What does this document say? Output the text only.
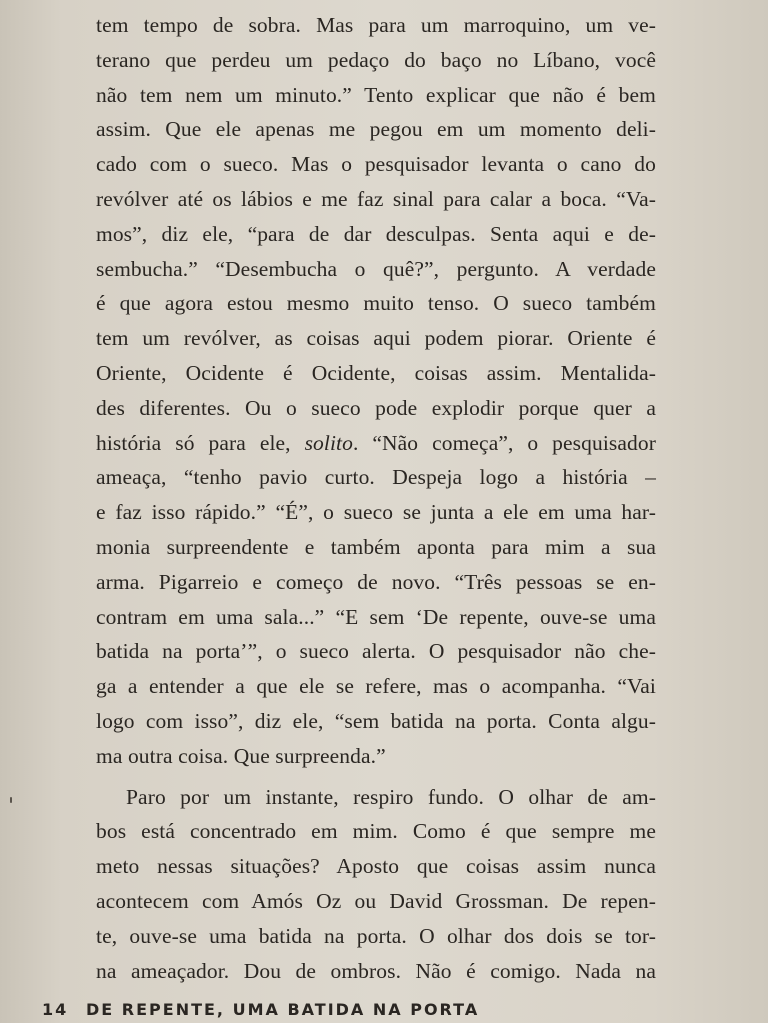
tem tempo de sobra. Mas para um marroquino, um ve-
terano que perdeu um pedaço do baço no Líbano, você
não tem nem um minuto.” Tento explicar que não é bem
assim. Que ele apenas me pegou em um momento deli-
cado com o sueco. Mas o pesquisador levanta o cano do
revólver até os lábios e me faz sinal para calar a boca. “Va-
mos”, diz ele, “para de dar desculpas. Senta aqui e de-
sembucha.” “Desembucha o quê?”, pergunto. A verdade
é que agora estou mesmo muito tenso. O sueco também
tem um revólver, as coisas aqui podem piorar. Oriente é
Oriente, Ocidente é Ocidente, coisas assim. Mentalida-
des diferentes. Ou o sueco pode explodir porque quer a
história só para ele, solito. “Não começa”, o pesquisador
ameaça, “tenho pavio curto. Despeja logo a história –
e faz isso rápido.” “É”, o sueco se junta a ele em uma har-
monia surpreendente e também aponta para mim a sua
arma. Pigarreio e começo de novo. “Três pessoas se en-
contram em uma sala...” “E sem ‘De repente, ouve-se uma
batida na porta’”, o sueco alerta. O pesquisador não che-
ga a entender a que ele se refere, mas o acompanha. “Vai
logo com isso”, diz ele, “sem batida na porta. Conta algu-
ma outra coisa. Que surpreenda.”
Paro por um instante, respiro fundo. O olhar de am-
bos está concentrado em mim. Como é que sempre me
meto nessas situações? Aposto que coisas assim nunca
acontecem com Amós Oz ou David Grossman. De repen-
te, ouve-se uma batida na porta. O olhar dos dois se tor-
na ameaçador. Dou de ombros. Não é comigo. Nada na
14 DE REPENTE, UMA BATIDA NA PORTA
